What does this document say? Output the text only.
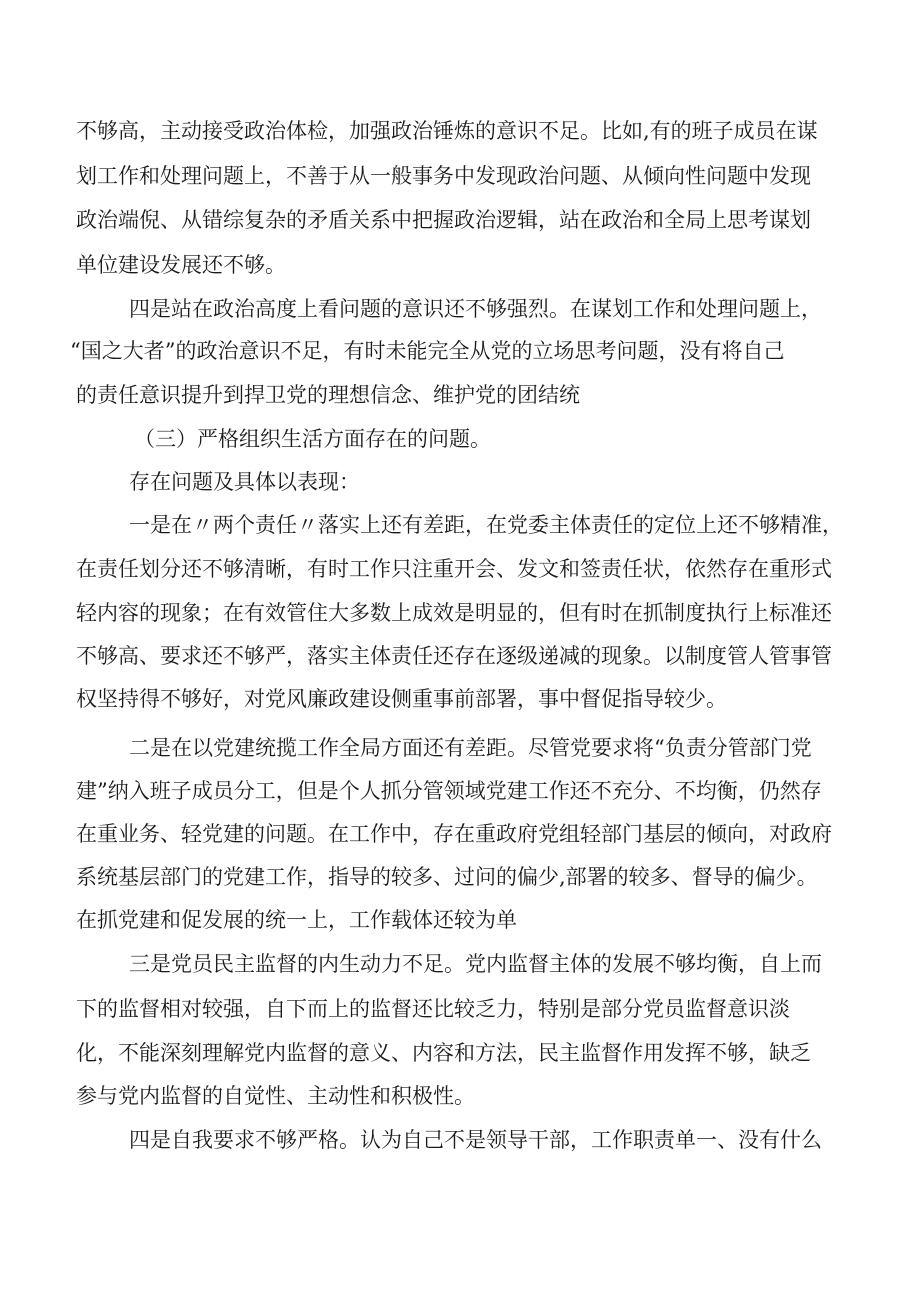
不够高，主动接受政治体检，加强政治锤炼的意识不足。比如,有的班子成员在谋
划工作和处理问题上，不善于从一般事务中发现政治问题、从倾向性问题中发现
政治端倪、从错综复杂的矛盾关系中把握政治逻辑，站在政治和全局上思考谋划
单位建设发展还不够。
四是站在政治高度上看问题的意识还不够强烈。在谋划工作和处理问题上，
“国之大者”的政治意识不足，有时未能完全从党的立场思考问题，没有将自己
的责任意识提升到捍卫党的理想信念、维护党的团结统
（三）严格组织生活方面存在的问题。
存在问题及具体以表现：
一是在〃两个责任〃落实上还有差距，在党委主体责任的定位上还不够精准，
在责任划分还不够清晰，有时工作只注重开会、发文和签责任状，依然存在重形式
轻内容的现象；在有效管住大多数上成效是明显的，但有时在抓制度执行上标准还
不够高、要求还不够严，落实主体责任还存在逐级递减的现象。以制度管人管事管
权坚持得不够好，对党风廉政建设侧重事前部署，事中督促指导较少。
二是在以党建统揽工作全局方面还有差距。尽管党要求将“负责分管部门党
建”纳入班子成员分工，但是个人抓分管领域党建工作还不充分、不均衡，仍然存
在重业务、轻党建的问题。在工作中，存在重政府党组轻部门基层的倾向，对政府
系统基层部门的党建工作，指导的较多、过问的偏少,部署的较多、督导的偏少。
在抓党建和促发展的统一上，工作载体还较为单
三是党员民主监督的内生动力不足。党内监督主体的发展不够均衡，自上而
下的监督相对较强，自下而上的监督还比较乏力，特别是部分党员监督意识淡
化，不能深刻理解党内监督的意义、内容和方法，民主监督作用发挥不够，缺乏
参与党内监督的自觉性、主动性和积极性。
四是自我要求不够严格。认为自己不是领导干部，工作职责单一、没有什么
